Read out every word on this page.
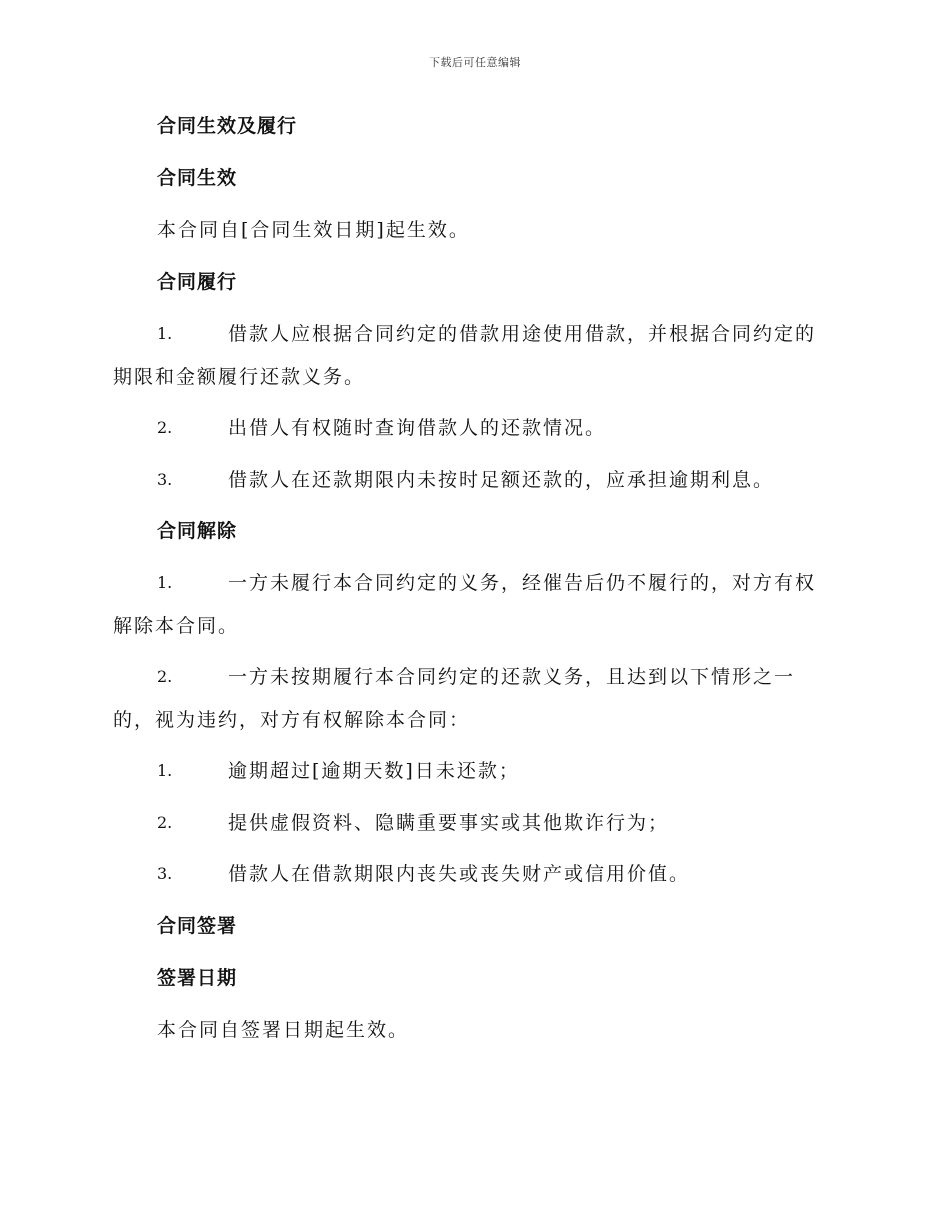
下载后可任意编辑
合同生效及履行
合同生效
本合同自[合同生效日期]起生效。
合同履行
1.	借款人应根据合同约定的借款用途使用借款，并根据合同约定的
期限和金额履行还款义务。
2.	出借人有权随时查询借款人的还款情况。
3.	借款人在还款期限内未按时足额还款的，应承担逾期利息。
合同解除
1.	一方未履行本合同约定的义务，经催告后仍不履行的，对方有权
解除本合同。
2.	一方未按期履行本合同约定的还款义务，且达到以下情形之一
的，视为违约，对方有权解除本合同：
1.	逾期超过[逾期天数]日未还款；
2.	提供虚假资料、隐瞒重要事实或其他欺诈行为；
3.	借款人在借款期限内丧失或丧失财产或信用价值。
合同签署
签署日期
本合同自签署日期起生效。
